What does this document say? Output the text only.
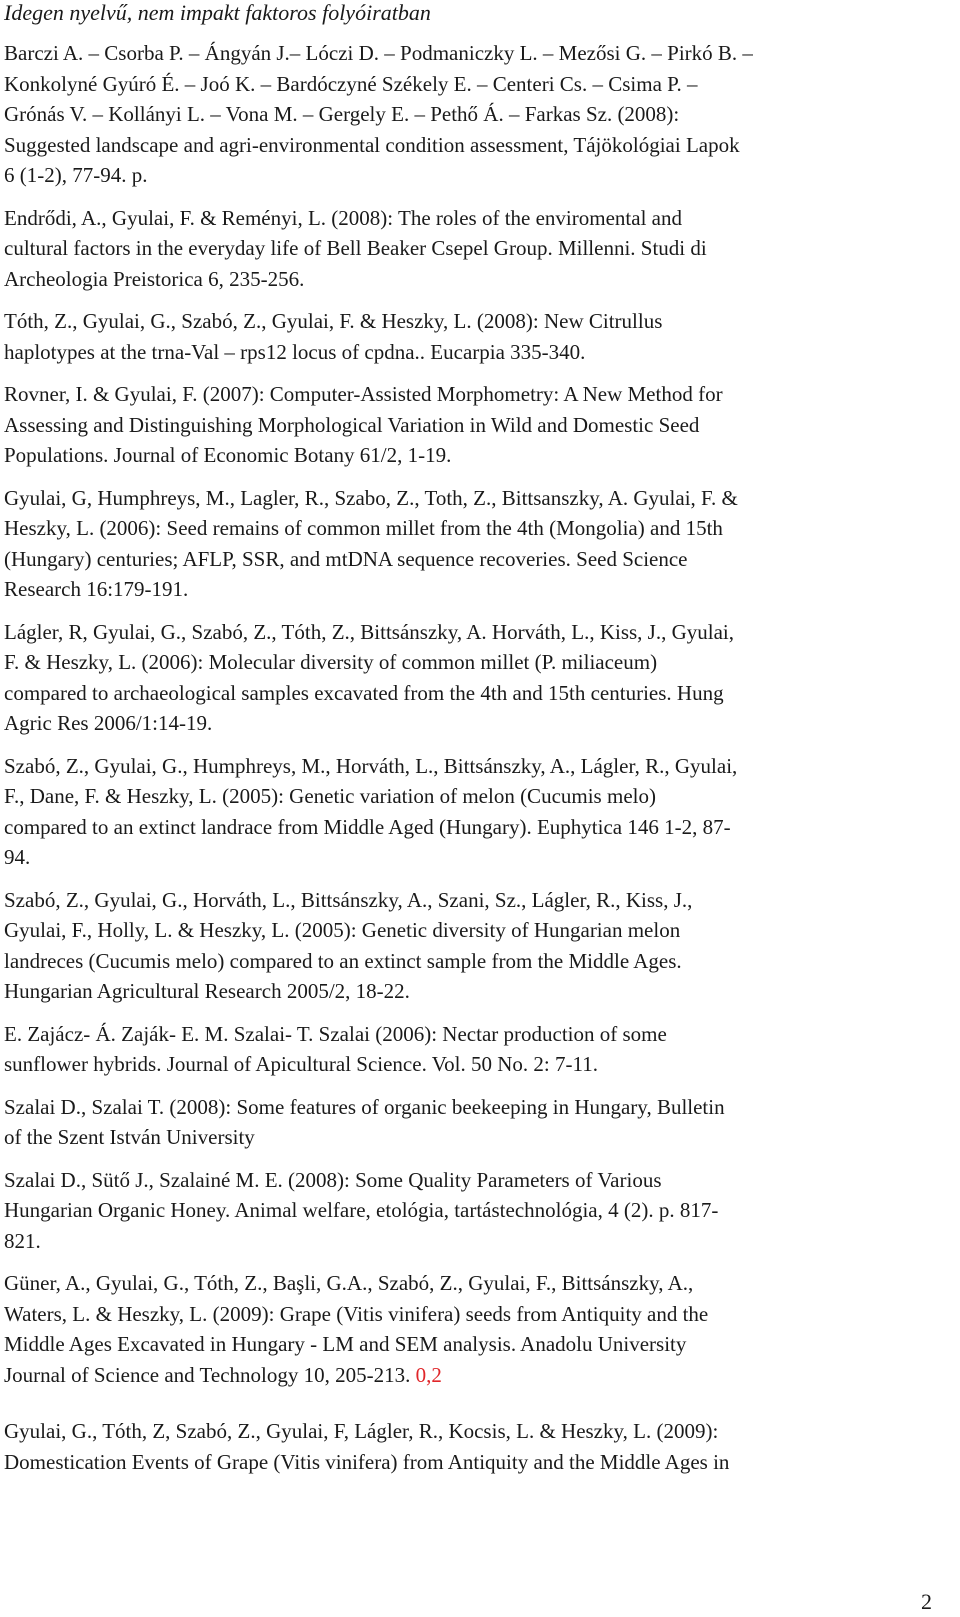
Idegen nyelvű, nem impakt faktoros folyóiratban
Barczi A. – Csorba P. – Ángyán J.– Lóczi D. – Podmaniczky L. – Mezősi G. – Pirkó B. –
Konkolyné Gyúró É. – Joó K. – Bardóczyné Székely E. – Centeri Cs. – Csima P. –
Grónás V. – Kollányi L. – Vona M. – Gergely E. – Pethő Á. – Farkas Sz. (2008):
Suggested landscape and agri-environmental condition assessment, Tájökológiai Lapok
6 (1-2), 77-94. p.
Endrődi, A., Gyulai, F. & Reményi, L. (2008): The roles of the enviromental and
cultural factors in the everyday life of Bell Beaker Csepel Group. Millenni. Studi di
Archeologia Preistorica 6, 235-256.
Tóth, Z., Gyulai, G., Szabó, Z., Gyulai, F. & Heszky, L. (2008): New Citrullus
haplotypes at the trna-Val – rps12 locus of cpdna.. Eucarpia 335-340.
Rovner, I. & Gyulai, F. (2007): Computer-Assisted Morphometry: A New Method for
Assessing and Distinguishing Morphological Variation in Wild and Domestic Seed
Populations. Journal of Economic Botany 61/2, 1-19.
Gyulai, G, Humphreys, M., Lagler, R., Szabo, Z., Toth, Z., Bittsanszky, A. Gyulai, F. &
Heszky, L. (2006): Seed remains of common millet from the 4th (Mongolia) and 15th
(Hungary) centuries; AFLP, SSR, and mtDNA sequence recoveries. Seed Science
Research 16:179-191.
Lágler, R, Gyulai, G., Szabó, Z., Tóth, Z., Bittsánszky, A. Horváth, L., Kiss, J., Gyulai,
F. & Heszky, L. (2006): Molecular diversity of common millet (P. miliaceum)
compared to archaeological samples excavated from the 4th and 15th centuries. Hung
Agric Res 2006/1:14-19.
Szabó, Z., Gyulai, G., Humphreys, M., Horváth, L., Bittsánszky, A., Lágler, R., Gyulai,
F., Dane, F. & Heszky, L. (2005): Genetic variation of melon (Cucumis melo)
compared to an extinct landrace from Middle Aged (Hungary). Euphytica 146 1-2, 87-
94.
Szabó, Z., Gyulai, G., Horváth, L., Bittsánszky, A., Szani, Sz., Lágler, R., Kiss, J.,
Gyulai, F., Holly, L. & Heszky, L. (2005): Genetic diversity of Hungarian melon
landreces (Cucumis melo) compared to an extinct sample from the Middle Ages.
Hungarian Agricultural Research 2005/2, 18-22.
E. Zajácz- Á. Zaják- E. M. Szalai- T. Szalai (2006): Nectar production of some
sunflower hybrids. Journal of Apicultural Science. Vol. 50 No. 2: 7-11.
Szalai D., Szalai T. (2008): Some features of organic beekeeping in Hungary, Bulletin
of the Szent István University
Szalai D., Sütő J., Szalainé M. E. (2008): Some Quality Parameters of Various
Hungarian Organic Honey. Animal welfare, etológia, tartástechnológia, 4 (2). p. 817-
821.
Güner, A., Gyulai, G., Tóth, Z., Başli, G.A., Szabó, Z., Gyulai, F., Bittsánszky, A.,
Waters, L. & Heszky, L. (2009): Grape (Vitis vinifera) seeds from Antiquity and the
Middle Ages Excavated in Hungary - LM and SEM analysis. Anadolu University
Journal of Science and Technology 10, 205-213. 0,2
Gyulai, G., Tóth, Z, Szabó, Z., Gyulai, F, Lágler, R., Kocsis, L. & Heszky, L. (2009):
Domestication Events of Grape (Vitis vinifera) from Antiquity and the Middle Ages in
2
